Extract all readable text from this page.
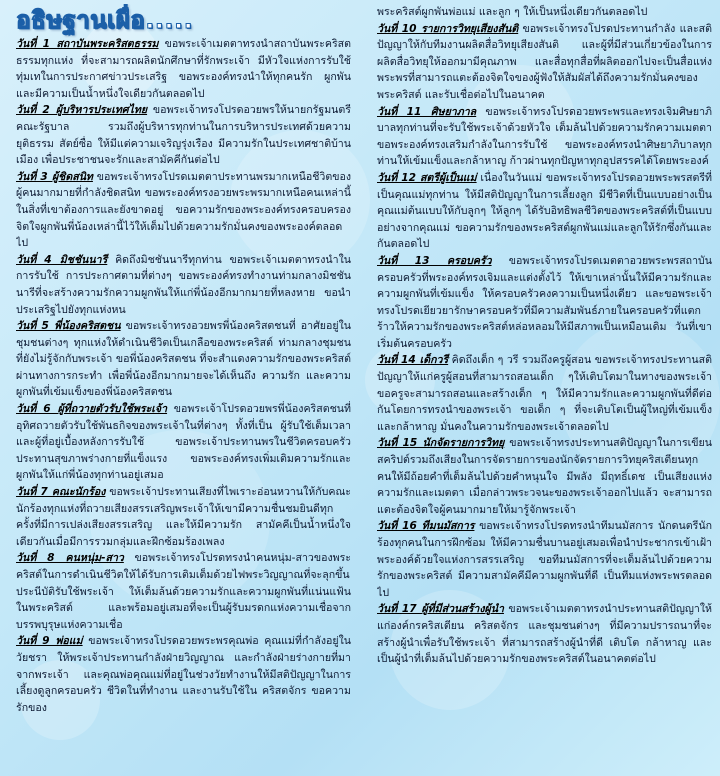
อธิษฐานเผื่อ.....

วันที่ 1 สถาบันพระคริสตธรรม ขอพระเจ้าเมตตาทรงนำสถาบันพระคริสตธรรมทุกแห่ง ที่จะสามารถผลิตนักศึกษาที่รักพระเจ้า มีหัวใจแห่งการรับใช้ทุ่มเทในการประกาศข่าวประเสริฐ ขอพระองค์ทรงนำให้ทุกคนรัก ผูกพันและมีความเป็นน้ำหนึ่งใจเดียวกันตลอดไป

วันที่ 2 ผู้บริหารประเทศไทย ขอพระเจ้าทรงโปรดอวยพรให้นายกรัฐมนตรีคณะรัฐบาล รวมถึงผู้บริหารทุกท่านในการบริหารประเทศด้วยความยุติธรรม สัตย์ซื่อ ให้มีแต่ความเจริญรุ่งเรือง มีความรักในประเทศชาติบ้านเมือง เพื่อประชาชนจะรักและสามัคคีกันต่อไป

วันที่ 3 ผู้ชิดสนิท ขอพระเจ้าทรงโปรดเมตตาประทานพรมากเหนือชีวิตของผู้คนมากมายที่กำลังชิดสนิท ขอพระองค์ทรงอวยพระพรมากเหนือคนเหล่านี้ในสิ่งที่เขาต้องการและยังขาดอยู่ ขอความรักของพระองค์ทรงครอบครอง จิตใจผูกพันพี่น้องเหล่านี้ไว้ให้เต็มไปด้วยความรักมั่นคงของพระองค์ตลอดไป

วันที่ 4 มิชชันนารี คิดถึงมิชชันนารีทุกท่าน ขอพระเจ้าเมตตาทรงนำในการรับใช้ การประกาศตามที่ต่างๆ ขอพระองค์ทรงทำงานท่ามกลางมิชชันนารีที่จะสร้างความรักความผูกพันให้แก่พี่น้องอีกมากมายที่หลงหาย ขอนำประเสริฐไปยังทุกแห่งหน

วันที่ 5 พี่น้องคริสตชน ขอพระเจ้าทรงอวยพรพี่น้องคริสตชนที่ อาศัยอยู่ในชุมชนต่างๆ ทุกแห่งให้ดำเนินชีวิตเป็นเกลือของพระคริสต์ ท่ามกลางชุมชนที่ยังไม่รู้จักกับพระเจ้า ขอพี่น้องคริสตชน ที่จะสำแดงความรักของพระคริสต์ผ่านทางการกระทำ เพื่อพี่น้องอีกมากมายจะได้เห็นถึง ความรัก และความผูกพันที่เข้มแข็งของพี่น้องคริสตชน

วันที่ 6 ผู้ที่ถวายตัวรับใช้พระเจ้า ขอพระเจ้าโปรดอวยพรพี่น้องคริสตชนที่อุทิศถวายตัวรับใช้พันธกิจของพระเจ้าในที่ต่างๆ ทั้งที่เป็น ผู้รับใช้เต็มเวลา และผู้ที่อยู่เบื้องหลังการรับใช้ ขอพระเจ้าประทานพรในชีวิตครอบครัวประทานสุขภาพร่างกายที่แข็งแรง ขอพระองค์ทรงเพิ่มเติมความรักและผูกพันให้แก่พี่น้องทุกท่านอยู่เสมอ

วันที่ 7 คณะนักร้อง ขอพระเจ้าประทานเสียงที่ไพเราะอ่อนหวานให้กับคณะนักร้องทุกแห่งที่ถวายเสียงสรรเสริญพระเจ้าให้เขามีความชื่นชมยินดีทุกครั้งที่มีการเปล่งเสียงสรรเสริญ และให้มีความรัก สามัคคีเป็นน้ำหนึ่งใจเดียวกันเมื่อมีการรวมกลุ่มและฝึกซ้อมร้องเพลง

วันที่ 8 คนหนุ่ม-สาว ขอพระเจ้าทรงโปรดทรงนำคนหนุ่ม-สาวของพระคริสต์ในการดำเนินชีวิตให้ได้รับการเติมเต็มด้วยไฟพระวิญญาณที่จะลุกขึ้นประนีบัติรับใช้พระเจ้า ให้เต็มล้นด้วยความรักและความผูกพันที่แน่นแฟ้นในพระคริสต์ และพร้อมอยู่เสมอที่จะเป็นผู้รับมรดกแห่งความเชื่อจากบรรพบุรุษแห่งความเชื่อ

วันที่ 9 พ่อแม่ ขอพระเจ้าทรงโปรดอวยพระพรคุณพ่อ คุณแม่ที่กำลังอยู่ในวัยชรา ให้พระเจ้าประทานกำลังฝ่ายวิญญาณ และกำลังฝ่ายร่างกายที่มาจากพระเจ้า และคุณพ่อคุณแม่ที่อยู่ในช่วงวัยทำงานให้มีสติปัญญาในการเลี้ยงดูลูกครอบครัว ชีวิตในที่ทำงาน และงานรับใช้ใน คริสตจักร ขอความรักของ

พระคริสต์ผูกพันพ่อแม่ และลูก ๆ ให้เป็นหนึ่งเดียวกันตลอดไป

วันที่ 10 รายการวิทยุเสียงสันติ ขอพระเจ้าทรงโปรดประทานกำลัง และสติปัญญาให้กับทีมงานผลิตสื่อวิทยุเสียงสันติ และผู้ที่มีส่วนเกี่ยวข้องในการผลิตสื่อวิทยุให้ออกมามีคุณภาพ และสื่อทุกสื่อที่ผลิตออกไปจะเป็นสื่อแห่งพระพรที่สามารถแตะต้องจิตใจของผู้ฟังให้สัมผัสได้ถึงความรักมั่นคงของพระคริสต์ และรับเชื่อต่อไปในอนาคต

วันที่ 11 ศิษยาภาล ขอพระเจ้าทรงโปรดอวยพระพรและทรงเจิมศิษยาภิบาลทุกท่านที่จะรับใช้พระเจ้าด้วยหัวใจ เต็มล้นไปด้วยความรักความเมตตา ขอพระองค์ทรงเสริมกำลังในการรับใช้ ขอพระองค์ทรงนำศิษยาภิบาลทุกท่านให้เข้มแข็งและกล้าหาญ ก้าวผ่านทุกปัญหาทุกอุปสรรคได้โดยพระองค์

วันที่ 12 สตรีผู้เป็นแม่ เนื่องในวันแม่ ขอพระเจ้าทรงโปรดอวยพระพรสตรีที่เป็นคุณแม่ทุกท่าน ให้มีสติปัญญาในการเลี้ยงลูก มีชีวิตที่เป็นแบบอย่างเป็นคุณแม่ต้นแบบให้กับลูกๆ ให้ลูกๆ ได้รับอิทธิพลชีวิตของพระคริสต์ที่เป็นแบบอย่างจากคุณแม่ ขอความรักของพระคริสต์ผูกพันแม่และลูกให้รักซึ่งกันและกันตลอดไป

วันที่ 13 ครอบครัว ขอพระเจ้าทรงโปรดเมตตาอวยพระพรสถาบันครอบครัวที่พระองค์ทรงเจิมและแต่งตั้งไว้ ให้เขาเหล่านั้นให้มีความรักและความผูกพันที่เข้มแข็ง ให้ครอบครัวคงความเป็นหนึ่งเดียว และขอพระเจ้าทรงโปรดเยียวยารักษาครอบครัวที่มีความสัมพันธ์ภายในครอบครัวที่แตกร้าวให้ความรักของพระคริสต์หล่อหลอมให้มีสภาพเป็นเหมือนเดิม วันที่เขาเริ่มต้นครอบครัว

วันที่ 14 เด็กวรี คิดถึงเด็ก ๆ วรี รวมถึงครูผู้สอน ขอพระเจ้าทรงประทานสติปัญญาให้แก่ครูผู้สอนที่สามารถสอนเด็ก ๆให้เติบโตมาในทางของพระเจ้า ขอครูจะสามารถสอนและสร้างเด็ก ๆ ให้มีความรักและความผูกพันที่ดีต่อกันโดยการทรงนำของพระเจ้า ขอเด็ก ๆ ที่จะเติบโตเป็นผู้ใหญ่ที่เข้มแข็งและกล้าหาญ มั่นคงในความรักของพระเจ้าตลอดไป

วันที่ 15 นักจัดรายการวิทยุ ขอพระเจ้าทรงประทานสติปัญญาในการเขียนสคริปต์รวมถึงเสียงในการจัดรายการของนักจัดรายการวิทยุคริสเตียนทุกคนให้มีถ้อยคำที่เต็มล้นไปด้วยคำหนุนใจ มีพลัง มีฤทธิ์เดช เป็นเสียงแห่งความรักและเมตตา เมื่อกล่าวพระวจนะของพระเจ้าออกไปแล้ว จะสามารถแตะต้องจิตใจผู้คนมากมายให้มารู้จักพระเจ้า

วันที่ 16 ทีมนมัสการ ขอพระเจ้าทรงโปรดทรงนำทีมนมัสการ นักดนตรีนักร้องทุกคนในการฝึกซ้อม ให้มีความชื่นบานอยู่เสมอเพื่อนำประชากรเข้าเฝ้าพระองค์ด้วยใจแห่งการสรรเสริญ ขอทีมนมัสการที่จะเต็มล้นไปด้วยความรักของพระคริสต์ มีความสามัคคีมีความผูกพันที่ดี เป็นทีมแห่งพระพรตลอดไป

วันที่ 17 ผู้ที่มีส่วนสร้างผู้นำ ขอพระเจ้าเมตตาทรงนำประทานสติปัญญาให้แก่องค์กรคริสเตียน คริสตจักร และชุมชนต่างๆ ที่มีความปรารถนาที่จะสร้างผู้นำเพื่อรับใช้พระเจ้า ที่สามารถสร้างผู้นำที่ดี เติบโต กล้าหาญ และเป็นผู้นำที่เต็มล้นไปด้วยความรักของพระคริสต์ในอนาคตต่อไป
